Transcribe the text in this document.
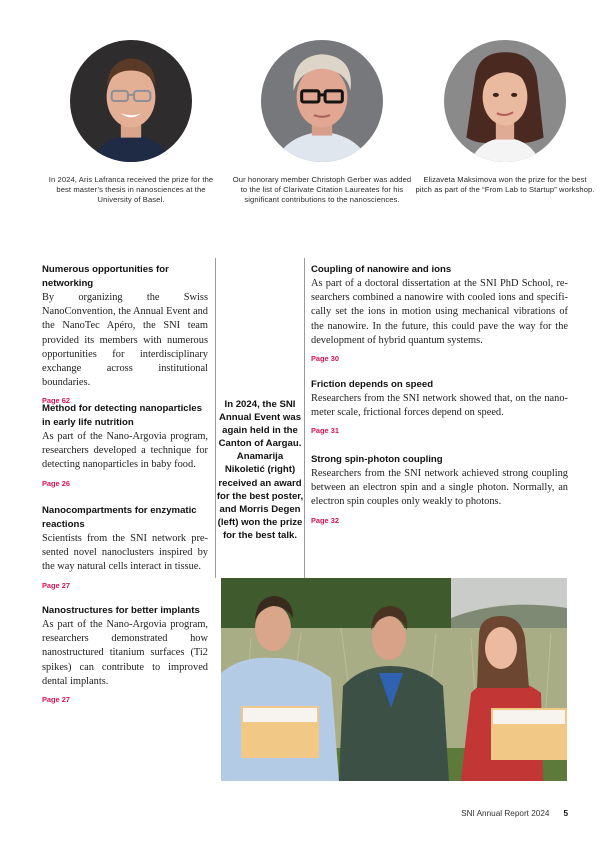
In 2024, Aris Lafranca received the prize for the best master’s thesis in nanosciences at the University of Basel.
Our honorary member Christoph Gerber was added to the list of Clarivate Citation Laureates for his significant contributions to the nanosciences.
Elizaveta Maksimova won the prize for the best pitch as part of the “From Lab to Startup” workshop.
Numerous opportunities for networking

By organizing the Swiss NanoConvention, the Annual Event and the NanoTec Apéro, the SNI team provided its members with numerous opportunities for interdisciplinary exchange across institutional boundaries.

Page 62
Method for detecting nanoparticles in early life nutrition

As part of the Nano-Argovia program, researchers developed a technique for detecting nanoparticles in baby food.

Page 26
Nanocompartments for enzymatic reactions

Scientists from the SNI network presented novel nanoclusters inspired by the way natural cells interact in tissue.

Page 27
Nanostructures for better implants

As part of the Nano-Argovia program, researchers demonstrated how nanostructured titanium surfaces (Ti2 spikes) can contribute to improved dental implants.

Page 27
In 2024, the SNI Annual Event was again held in the Canton of Aargau. Anamarija Nikoletić (right) received an award for the best poster, and Morris Degen (left) won the prize for the best talk.
Coupling of nanowire and ions

As part of a doctoral dissertation at the SNI PhD School, researchers combined a nanowire with cooled ions and specifically set the ions in motion using mechanical vibrations of the nanowire. In the future, this could pave the way for the development of hybrid quantum systems.

Page 30
Friction depends on speed

Researchers from the SNI network showed that, on the nanometer scale, frictional forces depend on speed.

Page 31
Strong spin-photon coupling

Researchers from the SNI network achieved strong coupling between an electron spin and a single photon. Normally, an electron spin couples only weakly to photons.

Page 32
SNI Annual Report 2024 5
